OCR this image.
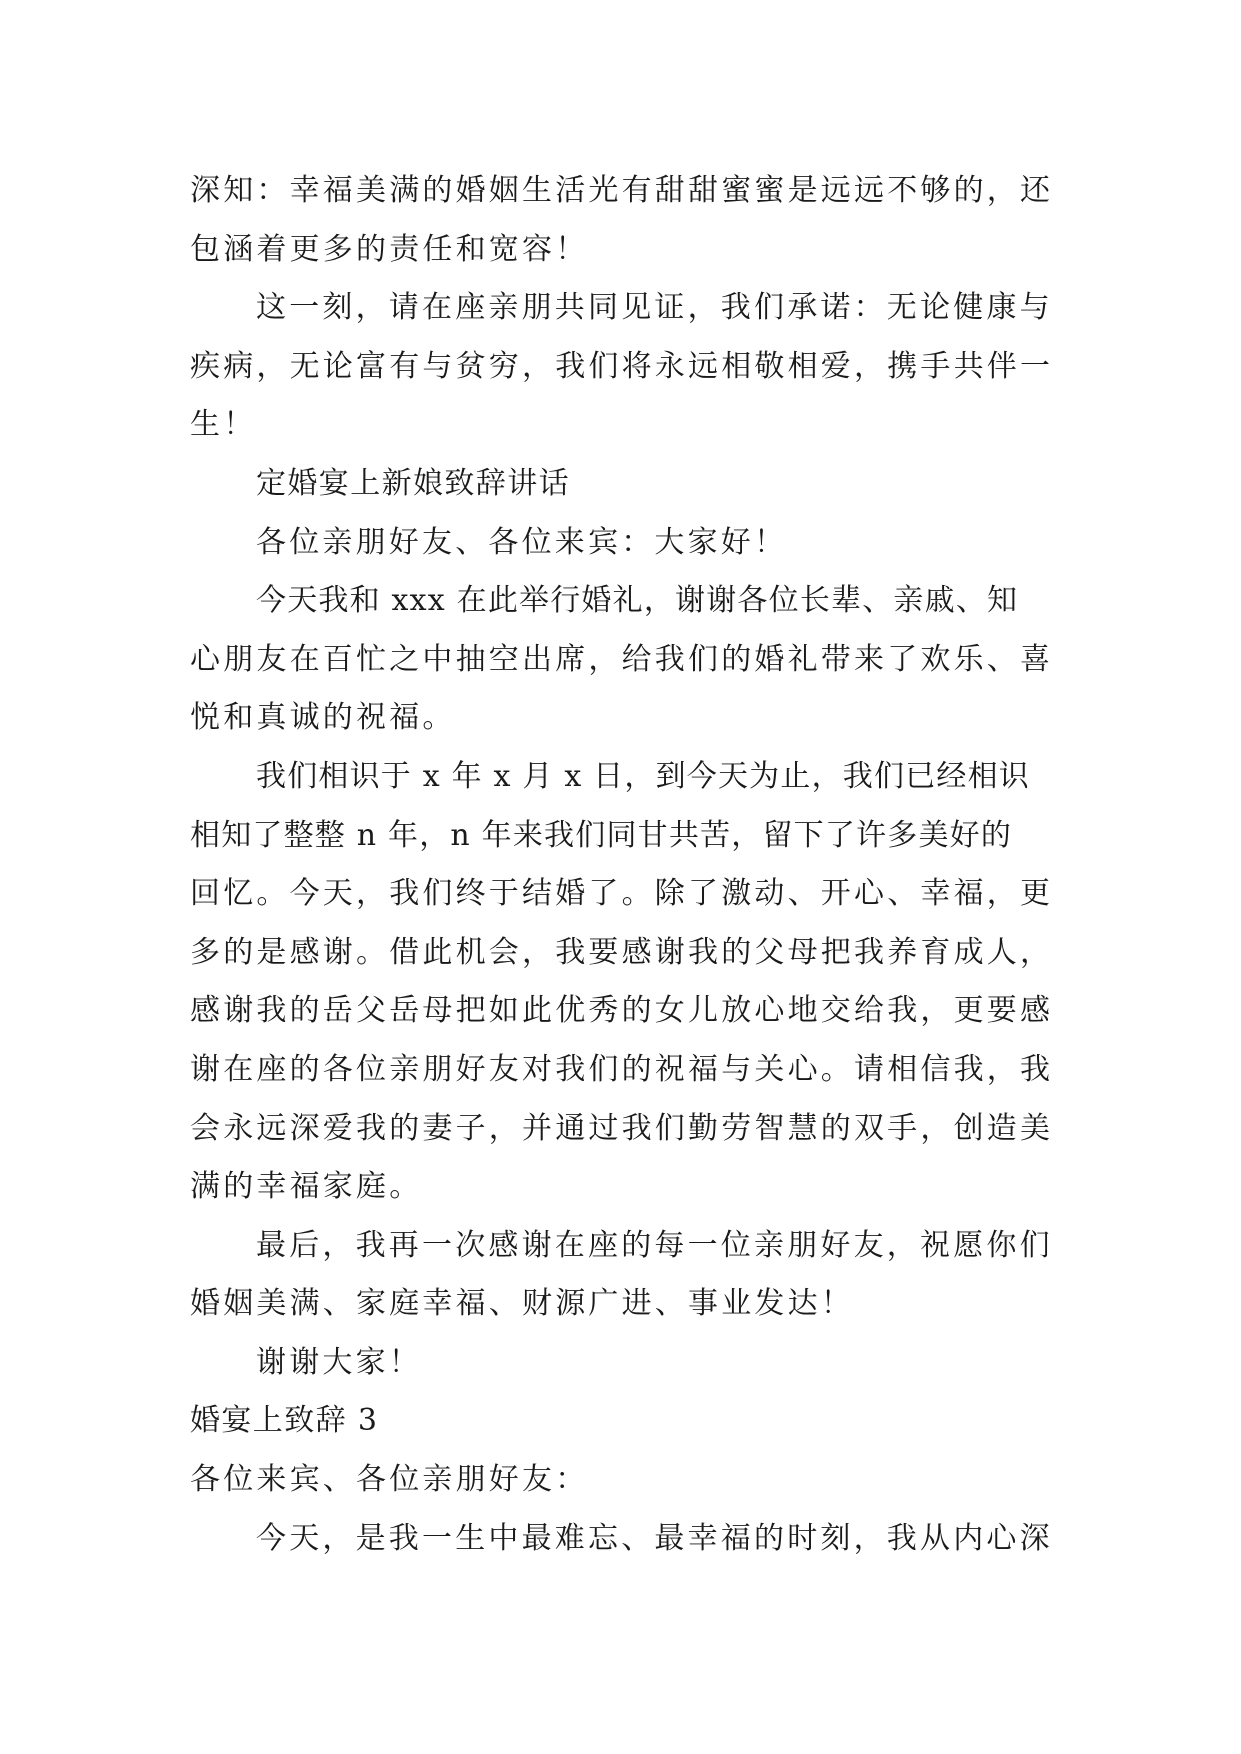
深知：幸福美满的婚姻生活光有甜甜蜜蜜是远远不够的，还
包涵着更多的责任和宽容！
这一刻，请在座亲朋共同见证，我们承诺：无论健康与
疾病，无论富有与贫穷，我们将永远相敬相爱，携手共伴一
生！
定婚宴上新娘致辞讲话
各位亲朋好友、各位来宾：大家好！
今天我和 xxx 在此举行婚礼，谢谢各位长辈、亲戚、知
心朋友在百忙之中抽空出席，给我们的婚礼带来了欢乐、喜
悦和真诚的祝福。
我们相识于 x 年 x 月 x 日，到今天为止，我们已经相识
相知了整整 n 年，n 年来我们同甘共苦，留下了许多美好的
回忆。今天，我们终于结婚了。除了激动、开心、幸福，更
多的是感谢。借此机会，我要感谢我的父母把我养育成人，
感谢我的岳父岳母把如此优秀的女儿放心地交给我，更要感
谢在座的各位亲朋好友对我们的祝福与关心。请相信我，我
会永远深爱我的妻子，并通过我们勤劳智慧的双手，创造美
满的幸福家庭。
最后，我再一次感谢在座的每一位亲朋好友，祝愿你们
婚姻美满、家庭幸福、财源广进、事业发达！
谢谢大家！
婚宴上致辞 3
各位来宾、各位亲朋好友：
今天，是我一生中最难忘、最幸福的时刻，我从内心深
